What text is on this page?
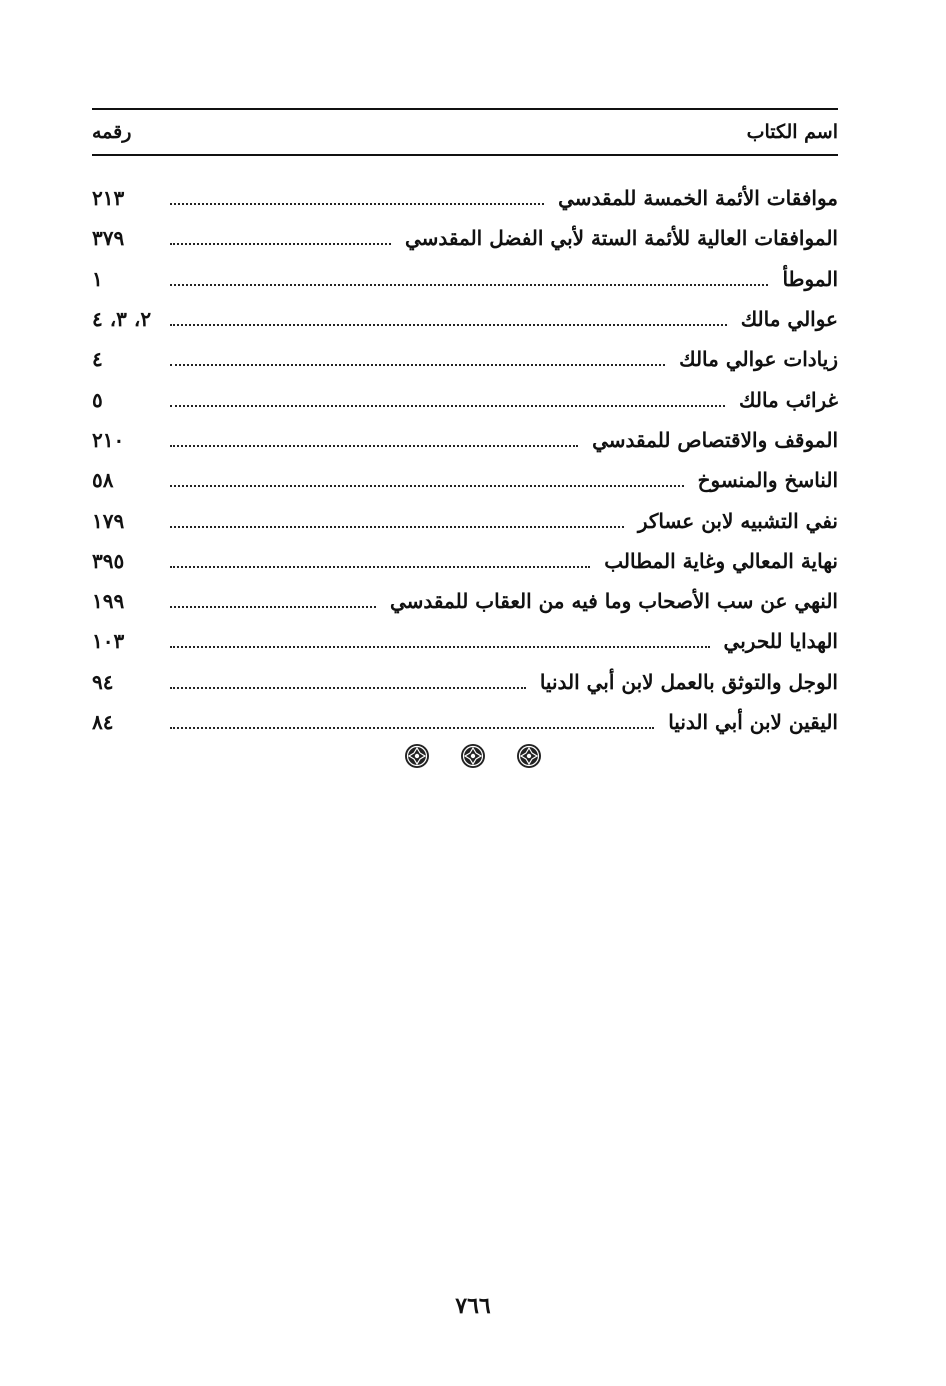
اسم الكتاب
رقمه
موافقات الأئمة الخمسة للمقدسي
٢١٣
الموافقات العالية للأئمة الستة لأبي الفضل المقدسي
٣٧٩
الموطأ
١
عوالي مالك
٢، ٣، ٤
زيادات عوالي مالك
٤
غرائب مالك
٥
الموقف والاقتصاص للمقدسي
٢١٠
الناسخ والمنسوخ
٥٨
نفي التشبيه لابن عساكر
١٧٩
نهاية المعالي وغاية المطالب
٣٩٥
النهي عن سب الأصحاب وما فيه من العقاب للمقدسي
١٩٩
الهدايا للحربي
١٠٣
الوجل والتوثق بالعمل لابن أبي الدنيا
٩٤
اليقين لابن أبي الدنيا
٨٤
٧٦٦
